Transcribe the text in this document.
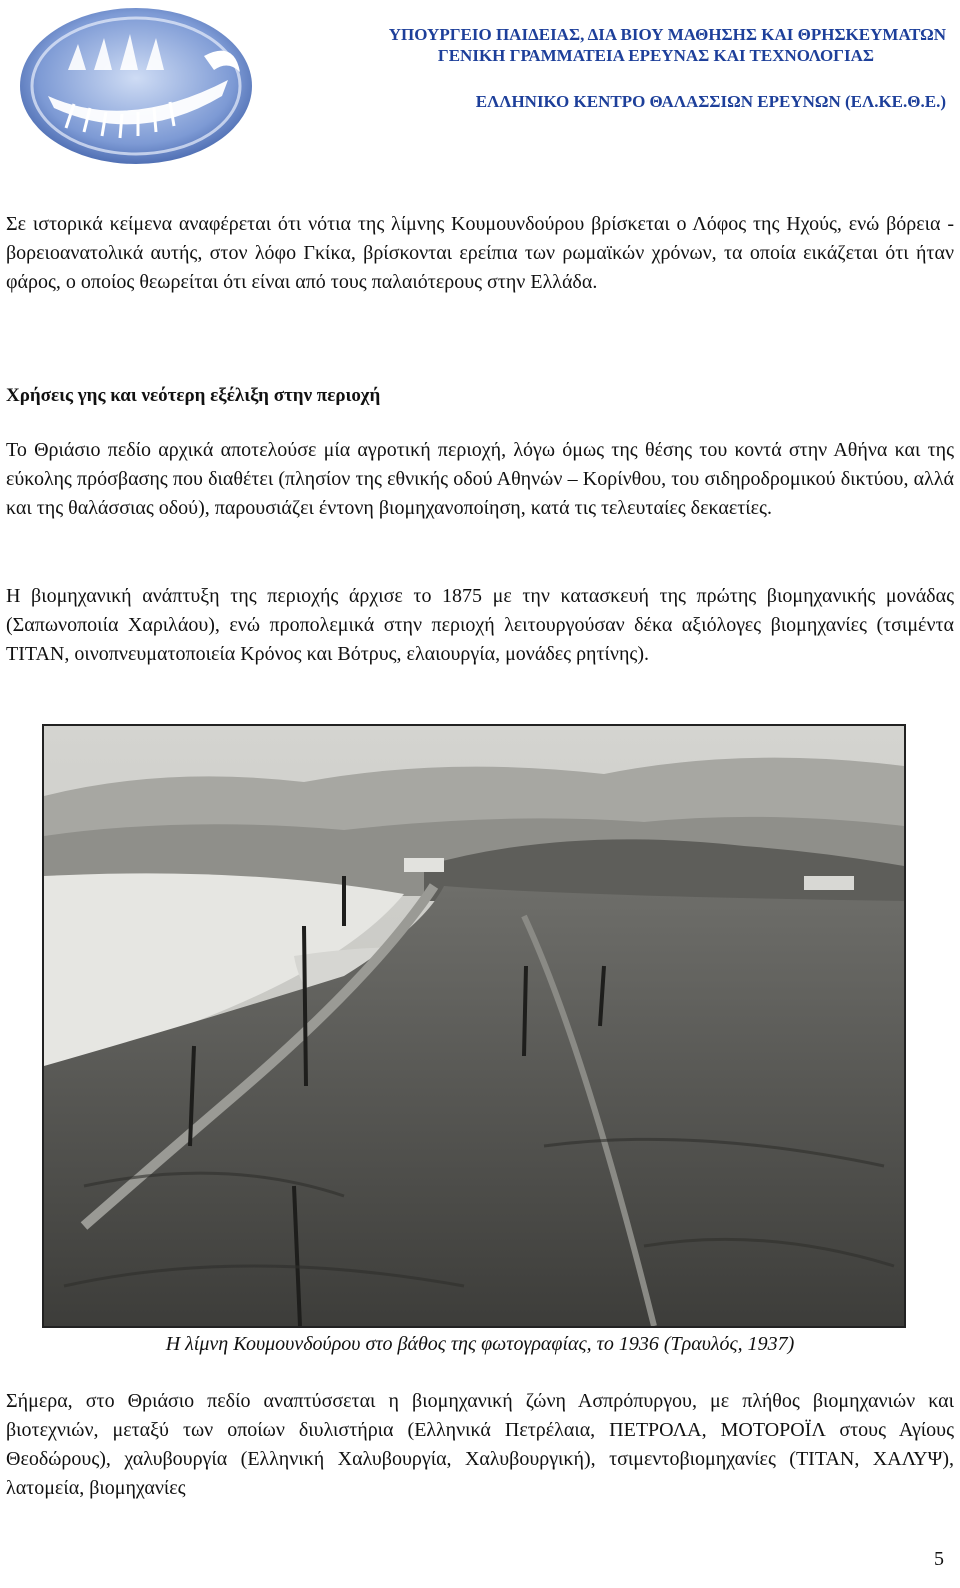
ΥΠΟΥΡΓΕΙΟ ΠΑΙΔΕΙΑΣ, ΔΙΑ ΒΙΟΥ ΜΑΘΗΣΗΣ ΚΑΙ ΘΡΗΣΚΕΥΜΑΤΩΝ
ΓΕΝΙΚΗ ΓΡΑΜΜΑΤΕΙΑ ΕΡΕΥΝΑΣ ΚΑΙ ΤΕΧΝΟΛΟΓΙΑΣ
ΕΛΛΗΝΙΚΟ ΚΕΝΤΡΟ ΘΑΛΑΣΣΙΩΝ ΕΡΕΥΝΩΝ (ΕΛ.ΚΕ.Θ.Ε.)

Σε ιστορικά κείμενα αναφέρεται ότι νότια της λίμνης Κουμουνδούρου βρίσκεται ο Λόφος της Ηχούς, ενώ βόρεια - βορειοανατολικά αυτής, στον λόφο Γκίκα, βρίσκονται ερείπια των ρωμαϊκών χρόνων, τα οποία εικάζεται ότι ήταν φάρος, ο οποίος θεωρείται ότι είναι από τους παλαιότερους στην Ελλάδα.

Χρήσεις γης και νεότερη εξέλιξη στην περιοχή

Το Θριάσιο πεδίο αρχικά αποτελούσε μία αγροτική περιοχή, λόγω όμως της θέσης του κοντά στην Αθήνα και της εύκολης πρόσβασης που διαθέτει (πλησίον της εθνικής οδού Αθηνών – Κορίνθου, του σιδηροδρομικού δικτύου, αλλά και της θαλάσσιας οδού), παρουσιάζει έντονη βιομηχανοποίηση, κατά τις τελευταίες δεκαετίες.

Η βιομηχανική ανάπτυξη της περιοχής άρχισε το 1875 με την κατασκευή της πρώτης βιομηχανικής μονάδας (Σαπωνοποιία Χαριλάου), ενώ προπολεμικά στην περιοχή λειτουργούσαν δέκα αξιόλογες βιομηχανίες (τσιμέντα ΤΙΤΑΝ, οινοπνευματοποιεία Κρόνος και Βότρυς, ελαιουργία, μονάδες ρητίνης).

Η λίμνη Κουμουνδούρου στο βάθος της φωτογραφίας, το 1936 (Τραυλός, 1937)

Σήμερα, στο Θριάσιο πεδίο αναπτύσσεται η βιομηχανική ζώνη Ασπρόπυργου, με πλήθος βιομηχανιών και βιοτεχνιών, μεταξύ των οποίων διυλιστήρια (Ελληνικά Πετρέλαια, ΠΕΤΡΟΛΑ, ΜΟΤΟΡΟΪΛ στους Αγίους Θεοδώρους), χαλυβουργία (Ελληνική Χαλυβουργία, Χαλυβουργική), τσιμεντοβιομηχανίες (ΤΙΤΑΝ, ΧΑΛΥΨ), λατομεία, βιομηχανίες

5
